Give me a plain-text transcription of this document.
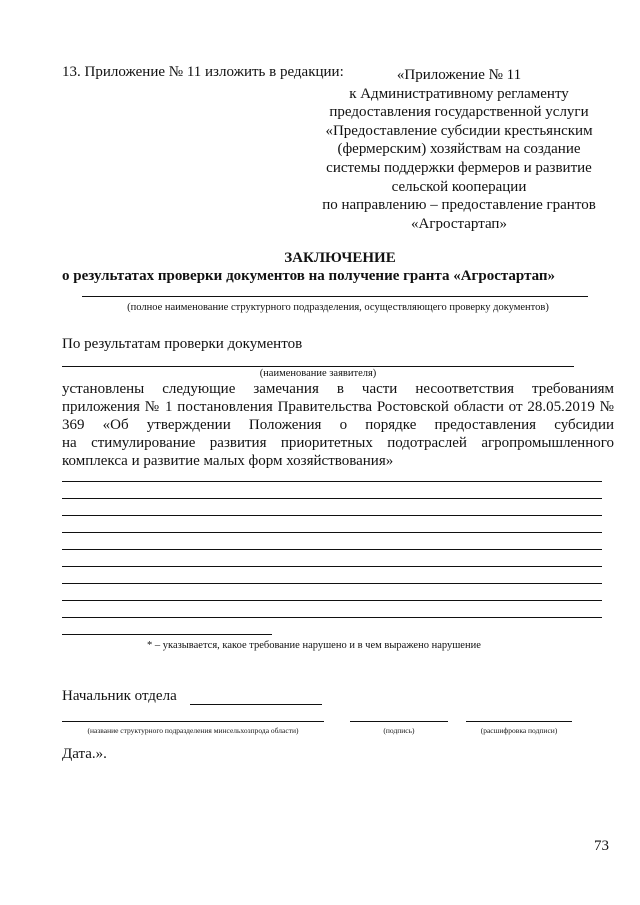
13. Приложение № 11 изложить в редакции:	«Приложение № 11
к Административному регламенту
предоставления государственной услуги
«Предоставление субсидии крестьянским
(фермерским) хозяйствам на создание
системы поддержки фермеров и развитие
сельской кооперации
по направлению – предоставление грантов
«Агростартап»
ЗАКЛЮЧЕНИЕ
о результатах проверки документов на получение гранта «Агростартап»
(полное наименование структурного подразделения, осуществляющего проверку документов)
По результатам проверки документов
(наименование заявителя)
установлены следующие замечания в части несоответствия требованиям
приложения № 1 постановления Правительства Ростовской области от 28.05.2019 №
369 «Об утверждении Положения о порядке предоставления субсидии
на стимулирование развития приоритетных подотраслей агропромышленного
комплекса и развитие малых форм хозяйствования»
* – указывается, какое требование нарушено и в чем выражено нарушение
Начальник отдела
(название структурного подразделения минсельхозпрода области)	(подпись)	(расшифровка подписи)
Дата.».
73
